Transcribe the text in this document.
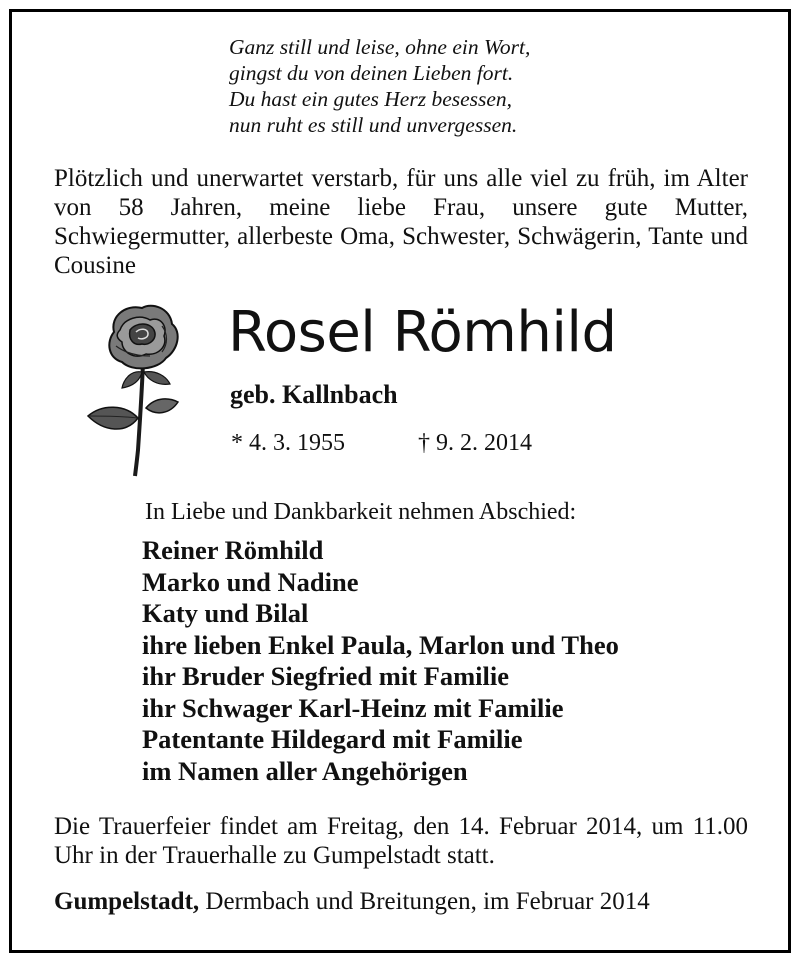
Ganz still und leise, ohne ein Wort,
gingst du von deinen Lieben fort.
Du hast ein gutes Herz besessen,
nun ruht es still und unvergessen.
Plötzlich und unerwartet verstarb, für uns alle viel zu früh, im Alter von 58 Jahren, meine liebe Frau, unsere gute Mutter, Schwiegermutter, allerbeste Oma, Schwester, Schwägerin, Tante und Cousine
Rosel Römhild
geb. Kallnbach
* 4. 3. 1955	† 9. 2. 2014
In Liebe und Dankbarkeit nehmen Abschied:
Reiner Römhild
Marko und Nadine
Katy und Bilal
ihre lieben Enkel Paula, Marlon und Theo
ihr Bruder Siegfried mit Familie
ihr Schwager Karl-Heinz mit Familie
Patentante Hildegard mit Familie
im Namen aller Angehörigen
Die Trauerfeier findet am Freitag, den 14. Februar 2014, um 11.00 Uhr in der Trauerhalle zu Gumpelstadt statt.
Gumpelstadt, Dermbach und Breitungen, im Februar 2014
